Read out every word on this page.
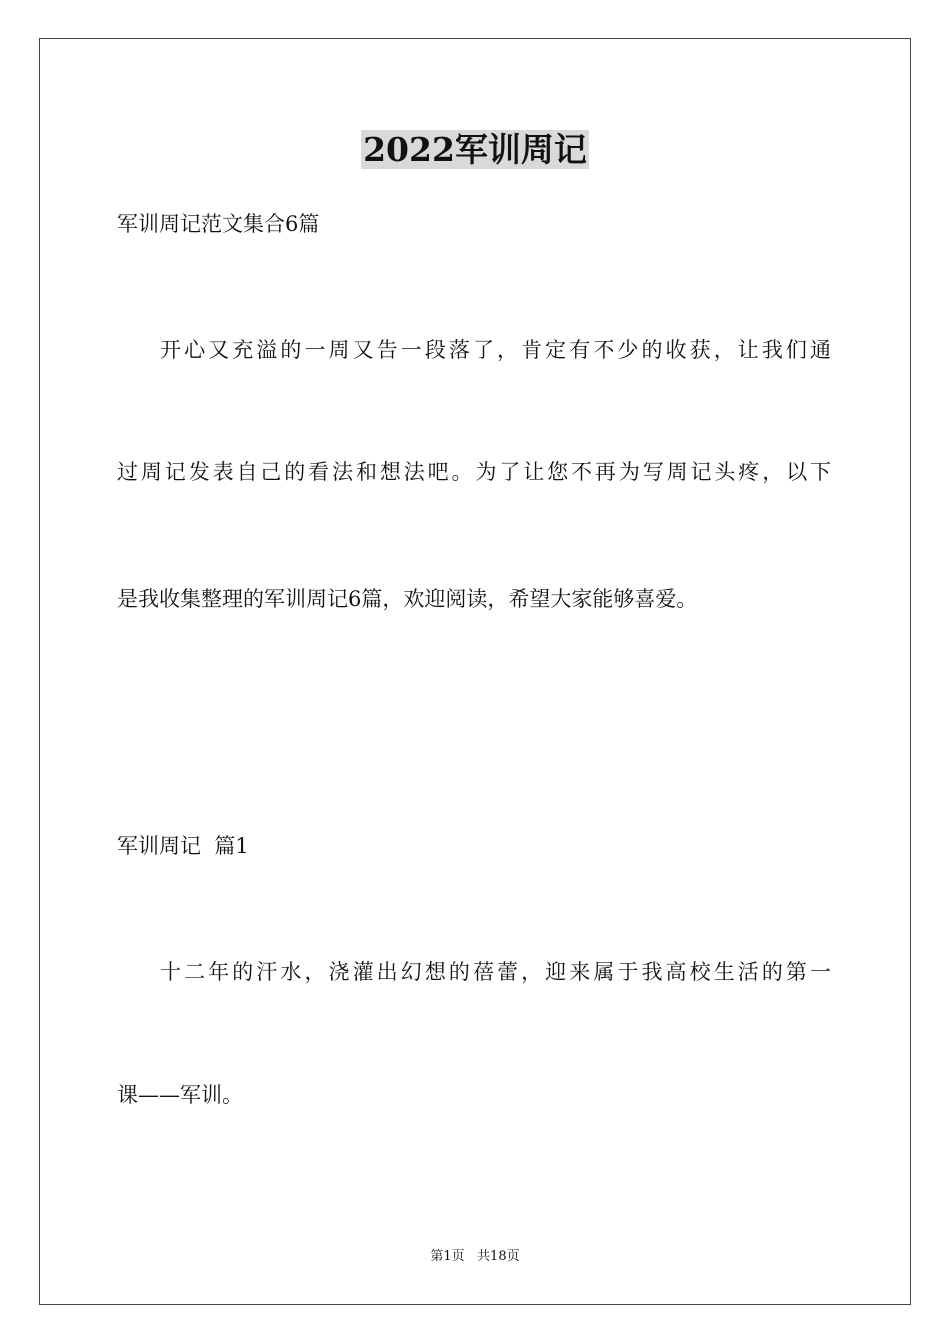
2022军训周记
军训周记范文集合6篇
开心又充溢的一周又告一段落了，肯定有不少的收获，让我们通
过周记发表自己的看法和想法吧。为了让您不再为写周记头疼，以下
是我收集整理的军训周记6篇，欢迎阅读，希望大家能够喜爱。
军训周记  篇1
十二年的汗水，浇灌出幻想的蓓蕾，迎来属于我高校生活的第一
课——军训。
第1页   共18页
